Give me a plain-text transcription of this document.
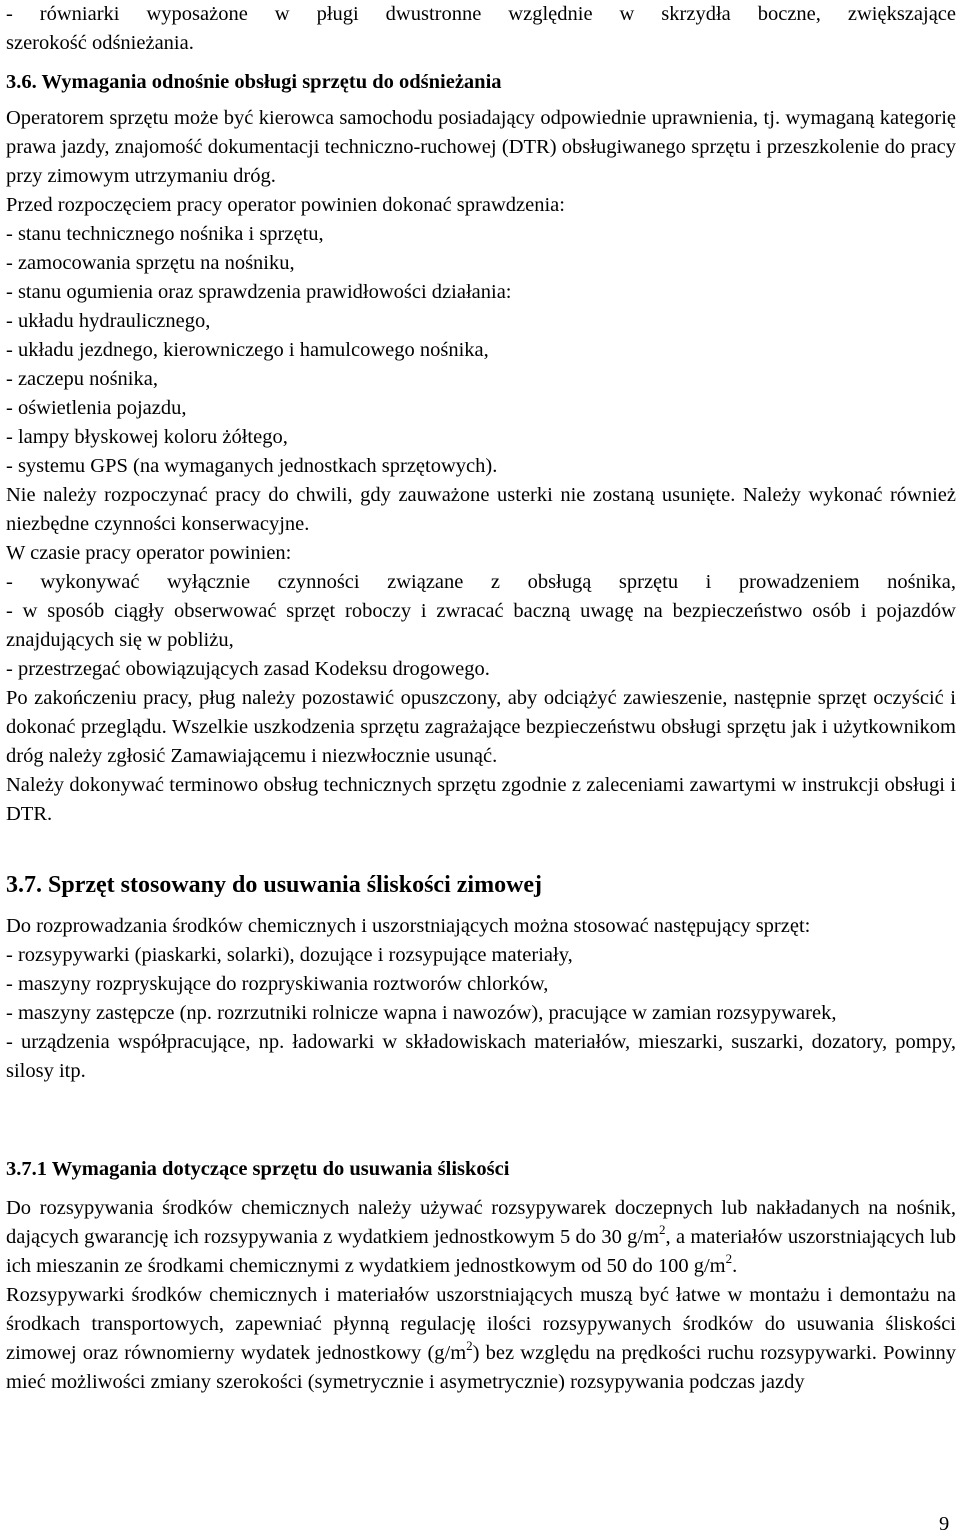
- równiarki wyposażone w pługi dwustronne względnie w skrzydła boczne, zwiększające

szerokość odśnieżania.

3.6. Wymagania odnośnie obsługi sprzętu do odśnieżania

Operatorem sprzętu może być kierowca samochodu posiadający odpowiednie uprawnienia, tj. wymaganą kategorię prawa jazdy, znajomość dokumentacji techniczno-ruchowej (DTR) obsługiwanego sprzętu i przeszkolenie do pracy przy zimowym utrzymaniu dróg.

Przed rozpoczęciem pracy operator powinien dokonać sprawdzenia:

- stanu technicznego nośnika i sprzętu,

- zamocowania sprzętu na nośniku,

- stanu ogumienia oraz sprawdzenia prawidłowości działania:

- układu hydraulicznego,

- układu jezdnego, kierowniczego i hamulcowego nośnika,

- zaczepu nośnika,

- oświetlenia pojazdu,

- lampy błyskowej koloru żółtego,

- systemu GPS (na wymaganych jednostkach sprzętowych).

Nie należy rozpoczynać pracy do chwili, gdy zauważone usterki nie zostaną usunięte. Należy wykonać również niezbędne czynności konserwacyjne.

W czasie pracy operator powinien:

- wykonywać wyłącznie czynności związane z obsługą sprzętu i prowadzeniem nośnika,

- w sposób ciągły obserwować sprzęt roboczy i zwracać baczną uwagę na bezpieczeństwo osób i pojazdów znajdujących się w pobliżu,

- przestrzegać obowiązujących zasad Kodeksu drogowego.

Po zakończeniu pracy, pług należy pozostawić opuszczony, aby odciążyć zawieszenie, następnie sprzęt oczyścić i dokonać przeglądu. Wszelkie uszkodzenia sprzętu zagrażające bezpieczeństwu obsługi sprzętu jak i użytkownikom dróg należy zgłosić Zamawiającemu i niezwłocznie usunąć.

Należy dokonywać terminowo obsług technicznych sprzętu zgodnie z zaleceniami zawartymi w instrukcji obsługi i DTR.

3.7. Sprzęt stosowany do usuwania śliskości zimowej

Do rozprowadzania środków chemicznych i uszorstniających można stosować następujący sprzęt:

- rozsypywarki (piaskarki, solarki), dozujące i rozsypujące materiały,

- maszyny rozpryskujące do rozpryskiwania roztworów chlorków,

- maszyny zastępcze (np. rozrzutniki rolnicze wapna i nawozów), pracujące w zamian rozsypywarek,

- urządzenia współpracujące, np. ładowarki w składowiskach materiałów, mieszarki, suszarki, dozatory, pompy, silosy itp.

3.7.1 Wymagania dotyczące sprzętu do usuwania śliskości

Do rozsypywania środków chemicznych należy używać rozsypywarek doczepnych lub nakładanych na nośnik, dających gwarancję ich rozsypywania z wydatkiem jednostkowym 5 do 30 $g/m^2$, a materiałów uszorstniających lub ich mieszanin ze środkami chemicznymi z wydatkiem jednostkowym od 50 do 100 $g/m^2$.

Rozsypywarki środków chemicznych i materiałów uszorstniających muszą być łatwe w montażu i demontażu na środkach transportowych, zapewniać płynną regulację ilości rozsypywanych środków do usuwania śliskości zimowej oraz równomierny wydatek jednostkowy $(g/m^2)$ bez względu na prędkości ruchu rozsypywarki. Powinny mieć możliwości zmiany szerokości (symetrycznie i asymetrycznie) rozsypywania podczas jazdy

9
